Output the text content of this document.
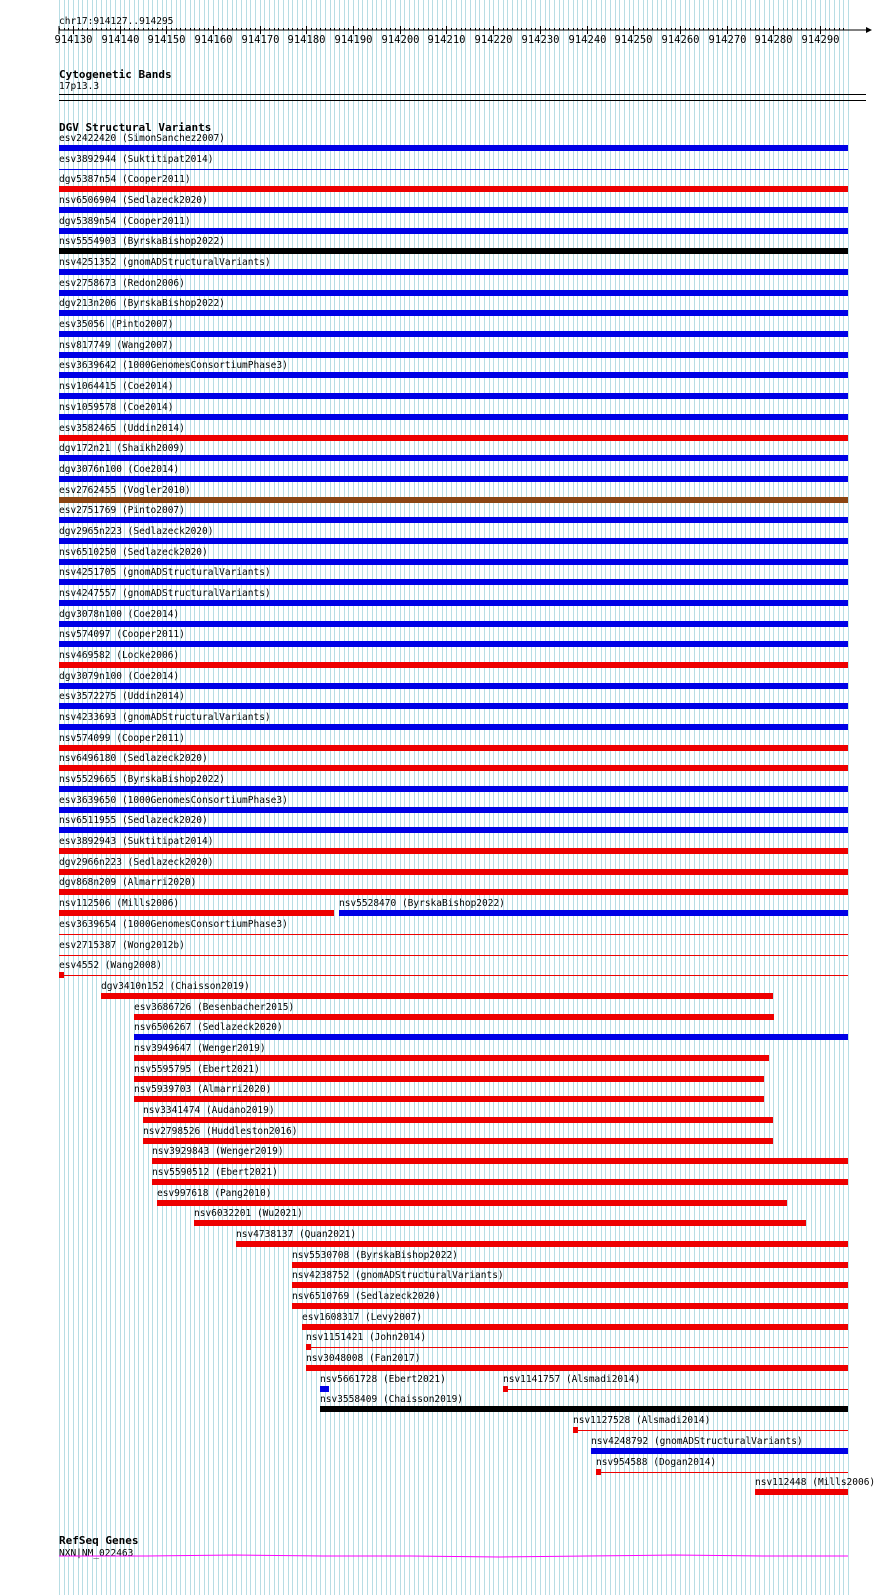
chr17:914127..914295
914130 914140 914150 914160 914170 914180 914190 914200 914210 914220 914230 914240 914250 914260 914270 914280 914290
Cytogenetic Bands
17p13.3
DGV Structural Variants
esv2422420 (SimonSanchez2007)
esv3892944 (Suktitipat2014)
dgv5387n54 (Cooper2011)
nsv6506904 (Sedlazeck2020)
dgv5389n54 (Cooper2011)
nsv5554903 (ByrskaBishop2022)
nsv4251352 (gnomADStructuralVariants)
esv2758673 (Redon2006)
dgv213n206 (ByrskaBishop2022)
esv35056 (Pinto2007)
nsv817749 (Wang2007)
esv3639642 (1000GenomesConsortiumPhase3)
nsv1064415 (Coe2014)
nsv1059578 (Coe2014)
esv3582465 (Uddin2014)
dgv172n21 (Shaikh2009)
dgv3076n100 (Coe2014)
esv2762455 (Vogler2010)
esv2751769 (Pinto2007)
dgv2965n223 (Sedlazeck2020)
nsv6510250 (Sedlazeck2020)
nsv4251705 (gnomADStructuralVariants)
nsv4247557 (gnomADStructuralVariants)
dgv3078n100 (Coe2014)
nsv574097 (Cooper2011)
nsv469582 (Locke2006)
dgv3079n100 (Coe2014)
esv3572275 (Uddin2014)
nsv4233693 (gnomADStructuralVariants)
nsv574099 (Cooper2011)
nsv6496180 (Sedlazeck2020)
nsv5529665 (ByrskaBishop2022)
esv3639650 (1000GenomesConsortiumPhase3)
nsv6511955 (Sedlazeck2020)
esv3892943 (Suktitipat2014)
dgv2966n223 (Sedlazeck2020)
dgv868n209 (Almarri2020)
nsv112506 (Mills2006)	nsv5528470 (ByrskaBishop2022)
esv3639654 (1000GenomesConsortiumPhase3)
esv2715387 (Wong2012b)
esv4552 (Wang2008)
dgv3410n152 (Chaisson2019)
esv3686726 (Besenbacher2015)
nsv6506267 (Sedlazeck2020)
nsv3949647 (Wenger2019)
nsv5595795 (Ebert2021)
nsv5939703 (Almarri2020)
nsv3341474 (Audano2019)
nsv2798526 (Huddleston2016)
nsv3929843 (Wenger2019)
nsv5590512 (Ebert2021)
esv997618 (Pang2010)
nsv6032201 (Wu2021)
nsv4738137 (Quan2021)
nsv5530708 (ByrskaBishop2022)
nsv4238752 (gnomADStructuralVariants)
nsv6510769 (Sedlazeck2020)
esv1608317 (Levy2007)
nsv1151421 (John2014)
nsv3048008 (Fan2017)
nsv5661728 (Ebert2021)	nsv1141757 (Alsmadi2014)
nsv3558409 (Chaisson2019)
nsv1127528 (Alsmadi2014)
nsv4248792 (gnomADStructuralVariants)
nsv954588 (Dogan2014)
nsv112448 (Mills2006)
RefSeq Genes
NXN|NM_022463
